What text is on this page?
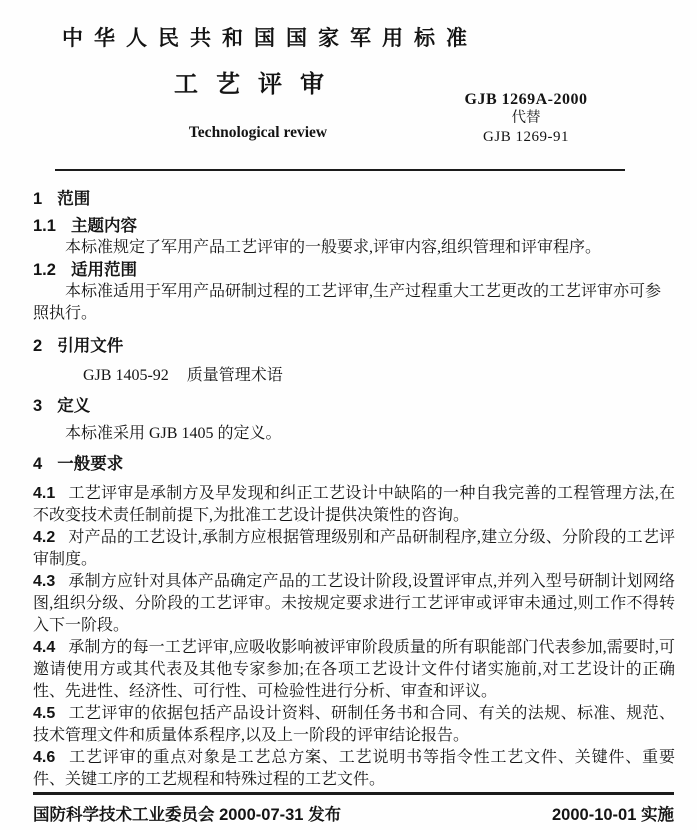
中华人民共和国国家军用标准
工艺评审
GJB 1269A-2000
代替
GJB 1269-91
Technological review
1 范围
1.1 主题内容

本标准规定了军用产品工艺评审的一般要求,评审内容,组织管理和评审程序。

1.2 适用范围

本标准适用于军用产品研制过程的工艺评审,生产过程重大工艺更改的工艺评审亦可参照执行。

2 引用文件

GJB 1405-92 质量管理术语

3 定义

本标准采用 GJB 1405 的定义。

4 一般要求

4.1 工艺评审是承制方及早发现和纠正工艺设计中缺陷的一种自我完善的工程管理方法,在不改变技术责任制前提下,为批准工艺设计提供决策性的咨询。

4.2 对产品的工艺设计,承制方应根据管理级别和产品研制程序,建立分级、分阶段的工艺评审制度。

4.3 承制方应针对具体产品确定产品的工艺设计阶段,设置评审点,并列入型号研制计划网络图,组织分级、分阶段的工艺评审。未按规定要求进行工艺评审或评审未通过,则工作不得转入下一阶段。

4.4 承制方的每一工艺评审,应吸收影响被评审阶段质量的所有职能部门代表参加,需要时,可邀请使用方或其代表及其他专家参加;在各项工艺设计文件付诸实施前,对工艺设计的正确性、先进性、经济性、可行性、可检验性进行分析、审查和评议。

4.5 工艺评审的依据包括产品设计资料、研制任务书和合同、有关的法规、标准、规范、技术管理文件和质量体系程序,以及上一阶段的评审结论报告。

4.6 工艺评审的重点对象是工艺总方案、工艺说明书等指令性工艺文件、关键件、重要件、关键工序的工艺规程和特殊过程的工艺文件。

国防科学技术工业委员会 2000-07-31 发布	2000-10-01 实施
